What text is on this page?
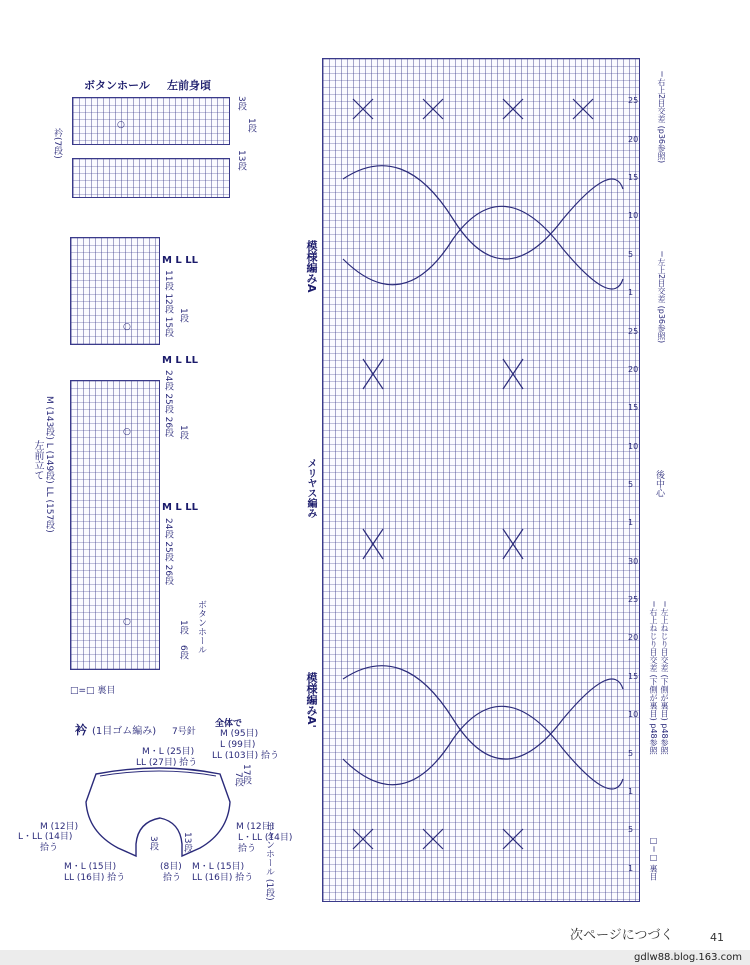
ボタンホール 左前身頃
○
3段
1段
13段
衿(7段)
○
○
○
M L LL
11段 12段 15段 1段
M L LL
24段 25段 26段 1段
M L LL
24段 25段 26段
1段
6段 ボタンホール
M (143段) L (149段) LL (157段)
左前立て
□=□ 裏目
衿 (1目ゴム編み) 7号針
全体で
M (95目)
L (99目)
LL (103目) 拾う
M・L (25目)
LL (27目) 拾う
7段
17段
3段	13段
M (12目)
L・LL (14目)
拾う
M (12目)
L・LL (14目)
拾う
M・L (15目)
LL (16目) 拾う
(8目)
拾う
M・L (15目)
LL (16目) 拾う ボタンホール (1段)
模様編みA
メリヤス編み
模様編みA'
後中心
＝右上2目交差 (p36参照)
＝左上2目交差 (p36参照)
＝右上ねじり目交差 (下側が裏目) p48参照 ＝左上ねじり目交差 (下側が裏目) p48参照
□＝□ 裏目
25
20
15
10
5
1
25
20
15
10
5
1
30
25
20
15
10
5
1
5
1
次ページにつづく	41
gdlw88.blog.163.com
